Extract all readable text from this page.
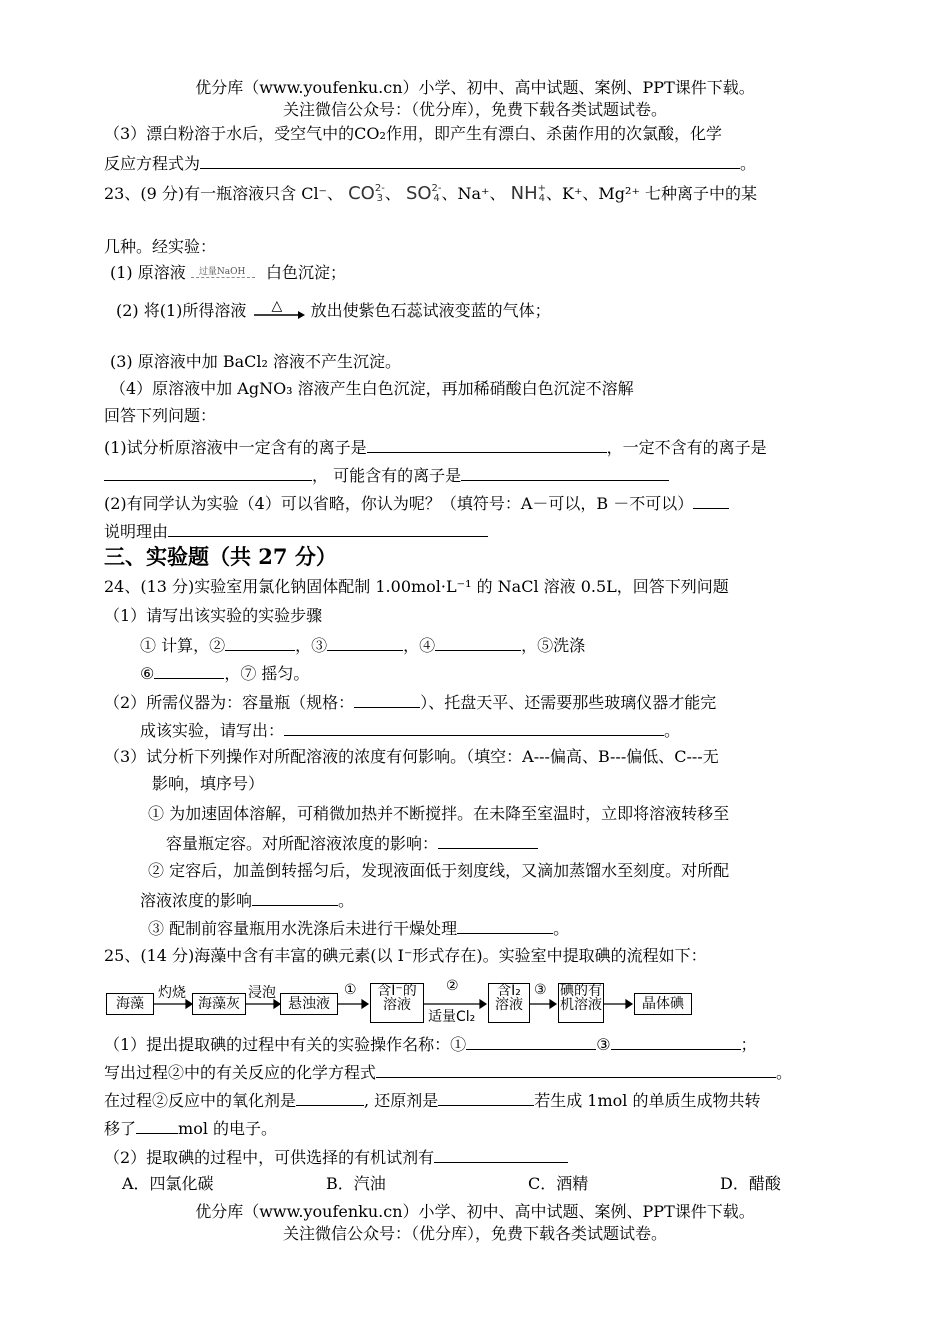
优分库（www.youfenku.cn）小学、初中、高中试题、案例、PPT课件下载。
关注微信公众号：（优分库），免费下载各类试题试卷。
（3）漂白粉溶于水后，受空气中的CO₂作用，即产生有漂白、杀菌作用的次氯酸，化学
反应方程式为	。
23、(9 分)有一瓶溶液只含 Cl⁻、 CO2-
3 、 SO2-
4 、Na⁺、 NH+
4、K⁺、Mg²⁺ 七种离子中的某
几种。经实验：
(1) 原溶液 过量NaOH 白色沉淀；
(2) 将(1)所得溶液 △ 放出使紫色石蕊试液变蓝的气体；
(3) 原溶液中加 BaCl₂ 溶液不产生沉淀。
（4）原溶液中加 AgNO₃ 溶液产生白色沉淀，再加稀硝酸白色沉淀不溶解
回答下列问题：
(1)试分析原溶液中一定含有的离子是	，一定不含有的离子是
， 可能含有的离子是
(2)有同学认为实验（4）可以省略，你认为呢？（填符号：A－可以，B －不可以）
说明理由
三、实验题（共 27 分）
24、(13 分)实验室用氯化钠固体配制 1.00mol·L⁻¹ 的 NaCl 溶液 0.5L，回答下列问题
（1）请写出该实验的实验步骤
① 计算，②	，③	，④	，⑤洗涤
⑥	，⑦ 摇匀。
（2）所需仪器为：容量瓶（规格：	）、托盘天平、还需要那些玻璃仪器才能完
成该实验，请写出：	。
（3）试分析下列操作对所配溶液的浓度有何影响。（填空：A---偏高、B---偏低、C---无
影响，填序号）
① 为加速固体溶解，可稍微加热并不断搅拌。在未降至室温时，立即将溶液转移至
容量瓶定容。对所配溶液浓度的影响：
② 定容后，加盖倒转摇匀后，发现液面低于刻度线，又滴加蒸馏水至刻度。对所配
溶液浓度的影响	。
③ 配制前容量瓶用水洗涤后未进行干燥处理	。
25、(14 分)海藻中含有丰富的碘元素(以 I⁻形式存在)。实验室中提取碘的流程如下：
海藻
灼烧
海藻灰
浸泡
悬浊液
①	含I⁻的
溶液
②
适量Cl₂
含I₂
溶液
③ 碘的有
机溶液	晶体碘
（1）提出提取碘的过程中有关的实验操作名称：①	③	；
写出过程②中的有关反应的化学方程式	。
在过程②反应中的氧化剂是	, 还原剂是	若生成 1mol 的单质生成物共转
移了	mol 的电子。
（2）提取碘的过程中，可供选择的有机试剂有
A．四氯化碳	B．汽油	C．酒精	D．醋酸
优分库（www.youfenku.cn）小学、初中、高中试题、案例、PPT课件下载。
关注微信公众号：（优分库），免费下载各类试题试卷。
